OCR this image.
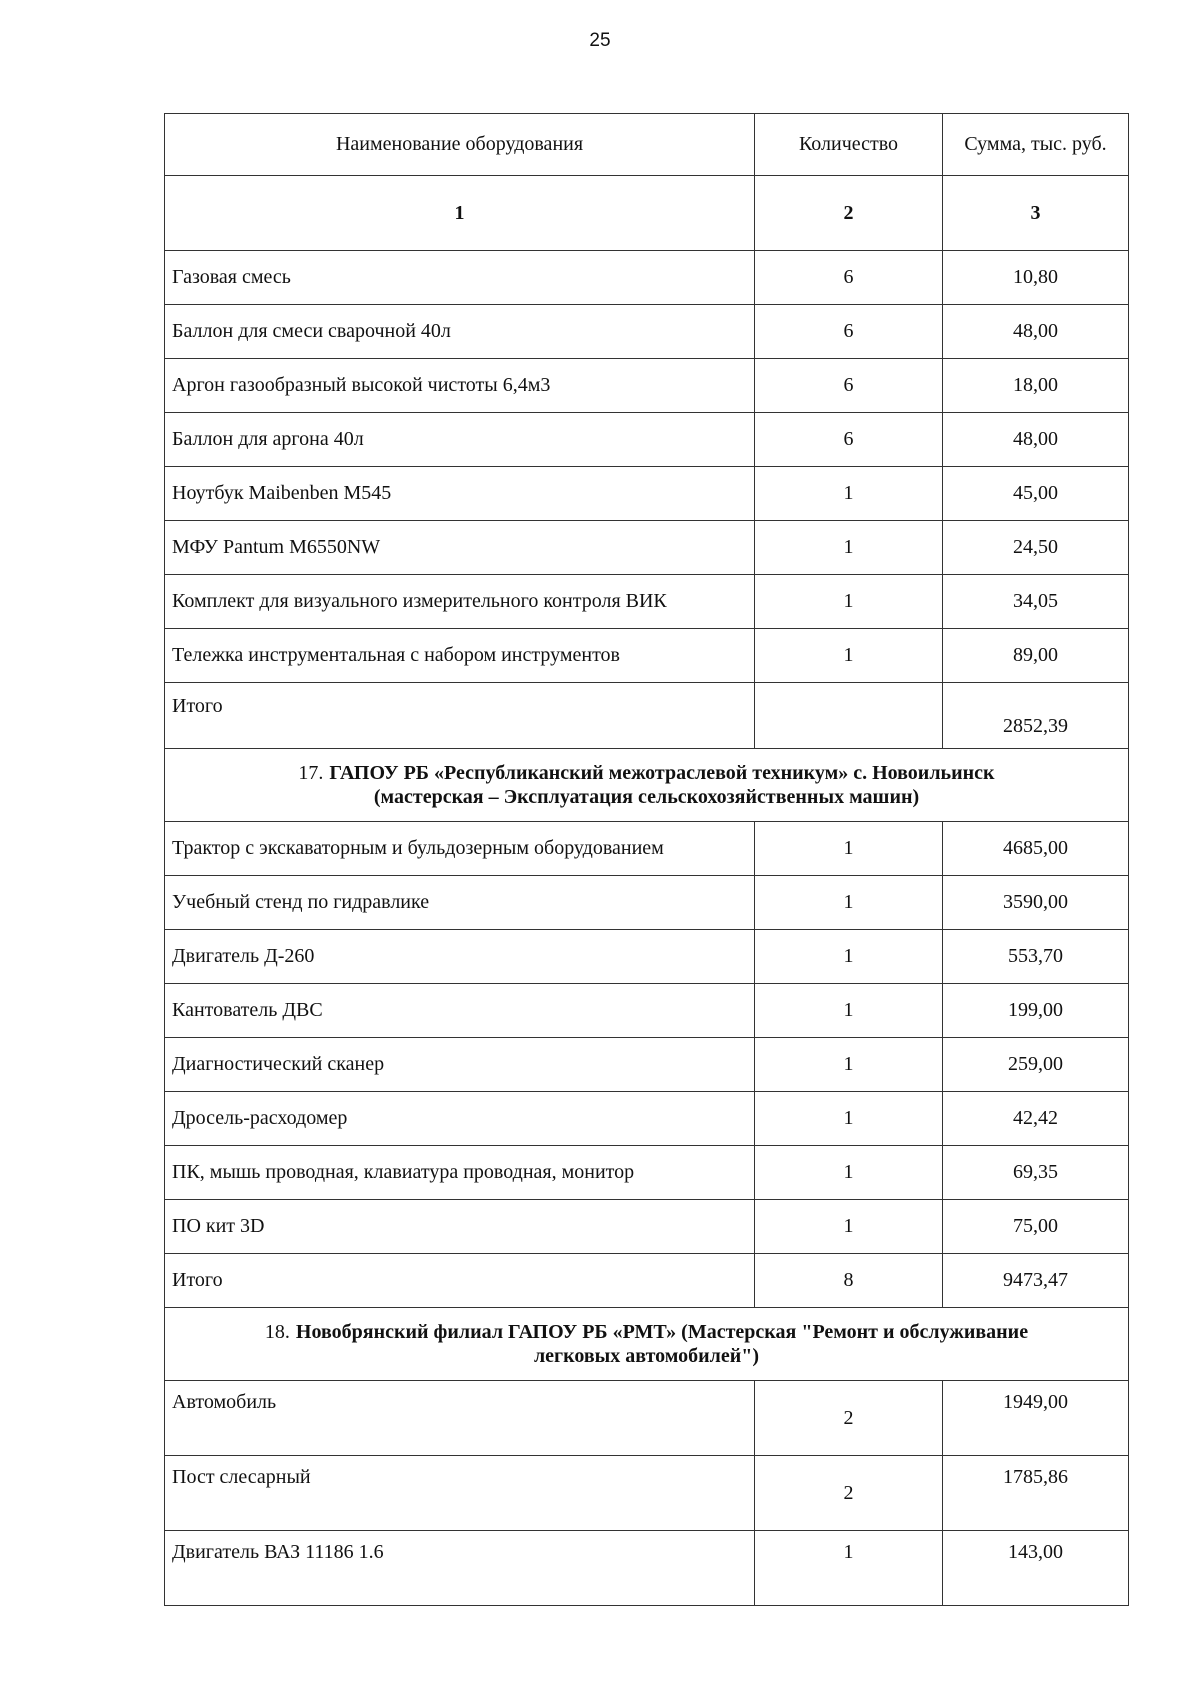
25
Наименование оборудования	Количество	Сумма, тыс. руб.
1	2	3
Газовая смесь	6	10,80
Баллон для смеси сварочной 40л	6	48,00
Аргон газообразный высокой чистоты 6,4м3	6	18,00
Баллон для аргона 40л	6	48,00
Ноутбук Maibenben M545	1	45,00
МФУ Pantum M6550NW	1	24,50
Комплект для визуального измерительного контроля ВИК	1	34,05
Тележка инструментальная с набором инструментов	1	89,00
Итого		2852,39
17. ГАПОУ РБ «Республиканский межотраслевой техникум» с. Новоильинск
(мастерская – Эксплуатация сельскохозяйственных машин)		
Трактор с экскаваторным и бульдозерным оборудованием	1	4685,00
Учебный стенд по гидравлике	1	3590,00
Двигатель Д-260	1	553,70
Кантователь ДВС	1	199,00
Диагностический сканер	1	259,00
Дросель-расходомер	1	42,42
ПК, мышь проводная, клавиатура проводная, монитор	1	69,35
ПО кит 3D	1	75,00
Итого	8	9473,47
18. Новобрянский филиал ГАПОУ РБ «РМТ» (Мастерская "Ремонт и обслуживание
легковых автомобилей")		
Автомобиль	2	1949,00
Пост слесарный	2	1785,86
Двигатель ВАЗ 11186 1.6	1	143,00
